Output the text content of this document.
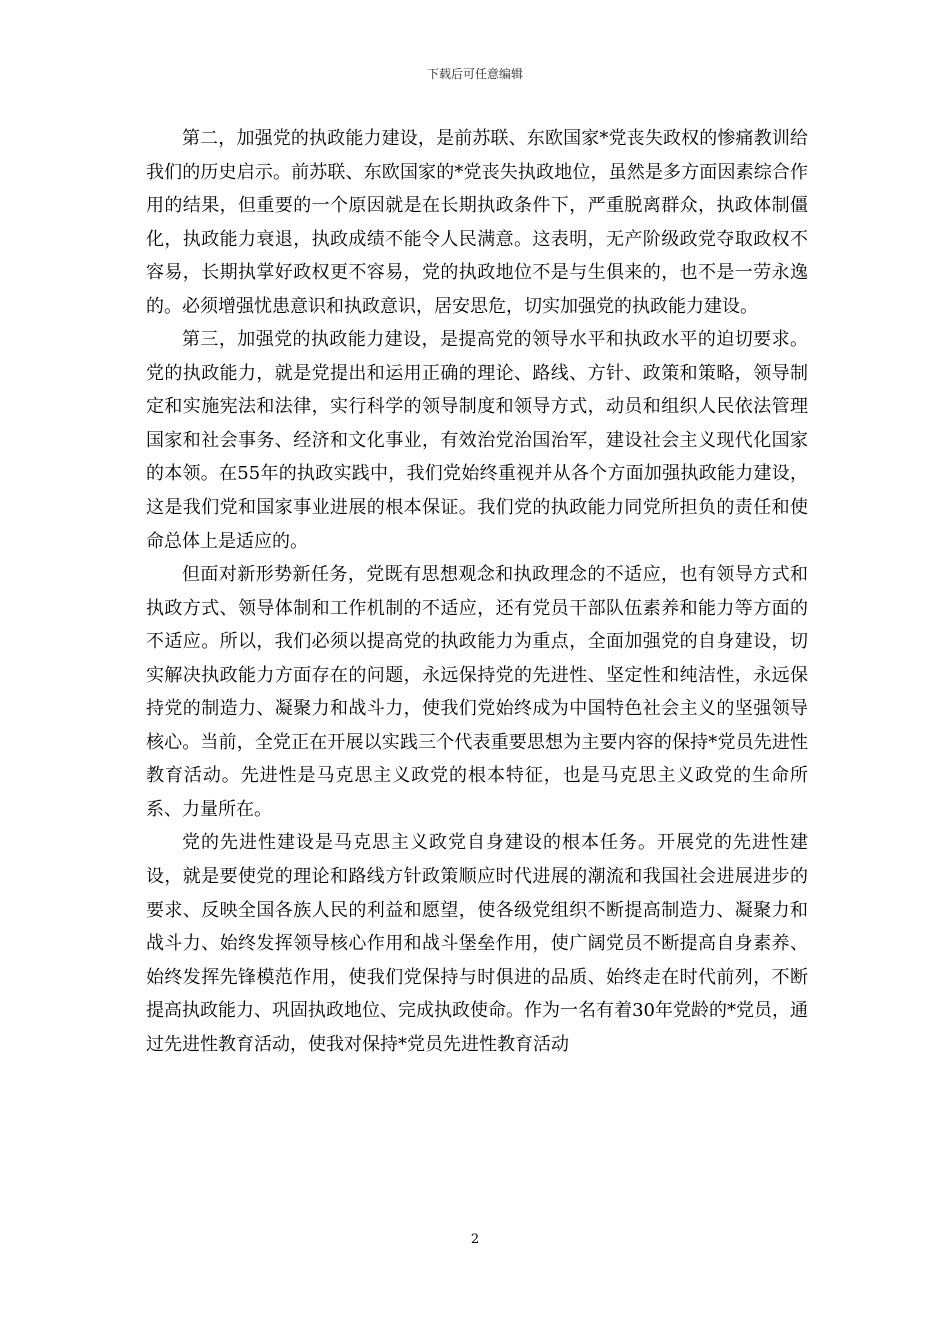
下载后可任意编辑

第二，加强党的执政能力建设，是前苏联、东欧国家*党丧失政权的惨痛教训给我们的历史启示。前苏联、东欧国家的*党丧失执政地位，虽然是多方面因素综合作用的结果，但重要的一个原因就是在长期执政条件下，严重脱离群众，执政体制僵化，执政能力衰退，执政成绩不能令人民满意。这表明，无产阶级政党夺取政权不容易，长期执掌好政权更不容易，党的执政地位不是与生俱来的，也不是一劳永逸的。必须增强忧患意识和执政意识，居安思危，切实加强党的执政能力建设。

第三，加强党的执政能力建设，是提高党的领导水平和执政水平的迫切要求。党的执政能力，就是党提出和运用正确的理论、路线、方针、政策和策略，领导制定和实施宪法和法律，实行科学的领导制度和领导方式，动员和组织人民依法管理国家和社会事务、经济和文化事业，有效治党治国治军，建设社会主义现代化国家的本领。在55年的执政实践中，我们党始终重视并从各个方面加强执政能力建设，这是我们党和国家事业进展的根本保证。我们党的执政能力同党所担负的责任和使命总体上是适应的。

但面对新形势新任务，党既有思想观念和执政理念的不适应，也有领导方式和执政方式、领导体制和工作机制的不适应，还有党员干部队伍素养和能力等方面的不适应。所以，我们必须以提高党的执政能力为重点，全面加强党的自身建设，切实解决执政能力方面存在的问题，永远保持党的先进性、坚定性和纯洁性，永远保持党的制造力、凝聚力和战斗力，使我们党始终成为中国特色社会主义的坚强领导核心。当前，全党正在开展以实践三个代表重要思想为主要内容的保持*党员先进性教育活动。先进性是马克思主义政党的根本特征，也是马克思主义政党的生命所系、力量所在。

党的先进性建设是马克思主义政党自身建设的根本任务。开展党的先进性建设，就是要使党的理论和路线方针政策顺应时代进展的潮流和我国社会进展进步的要求、反映全国各族人民的利益和愿望，使各级党组织不断提高制造力、凝聚力和战斗力、始终发挥领导核心作用和战斗堡垒作用，使广阔党员不断提高自身素养、始终发挥先锋模范作用，使我们党保持与时俱进的品质、始终走在时代前列，不断提高执政能力、巩固执政地位、完成执政使命。作为一名有着30年党龄的*党员，通过先进性教育活动，使我对保持*党员先进性教育活动

2
